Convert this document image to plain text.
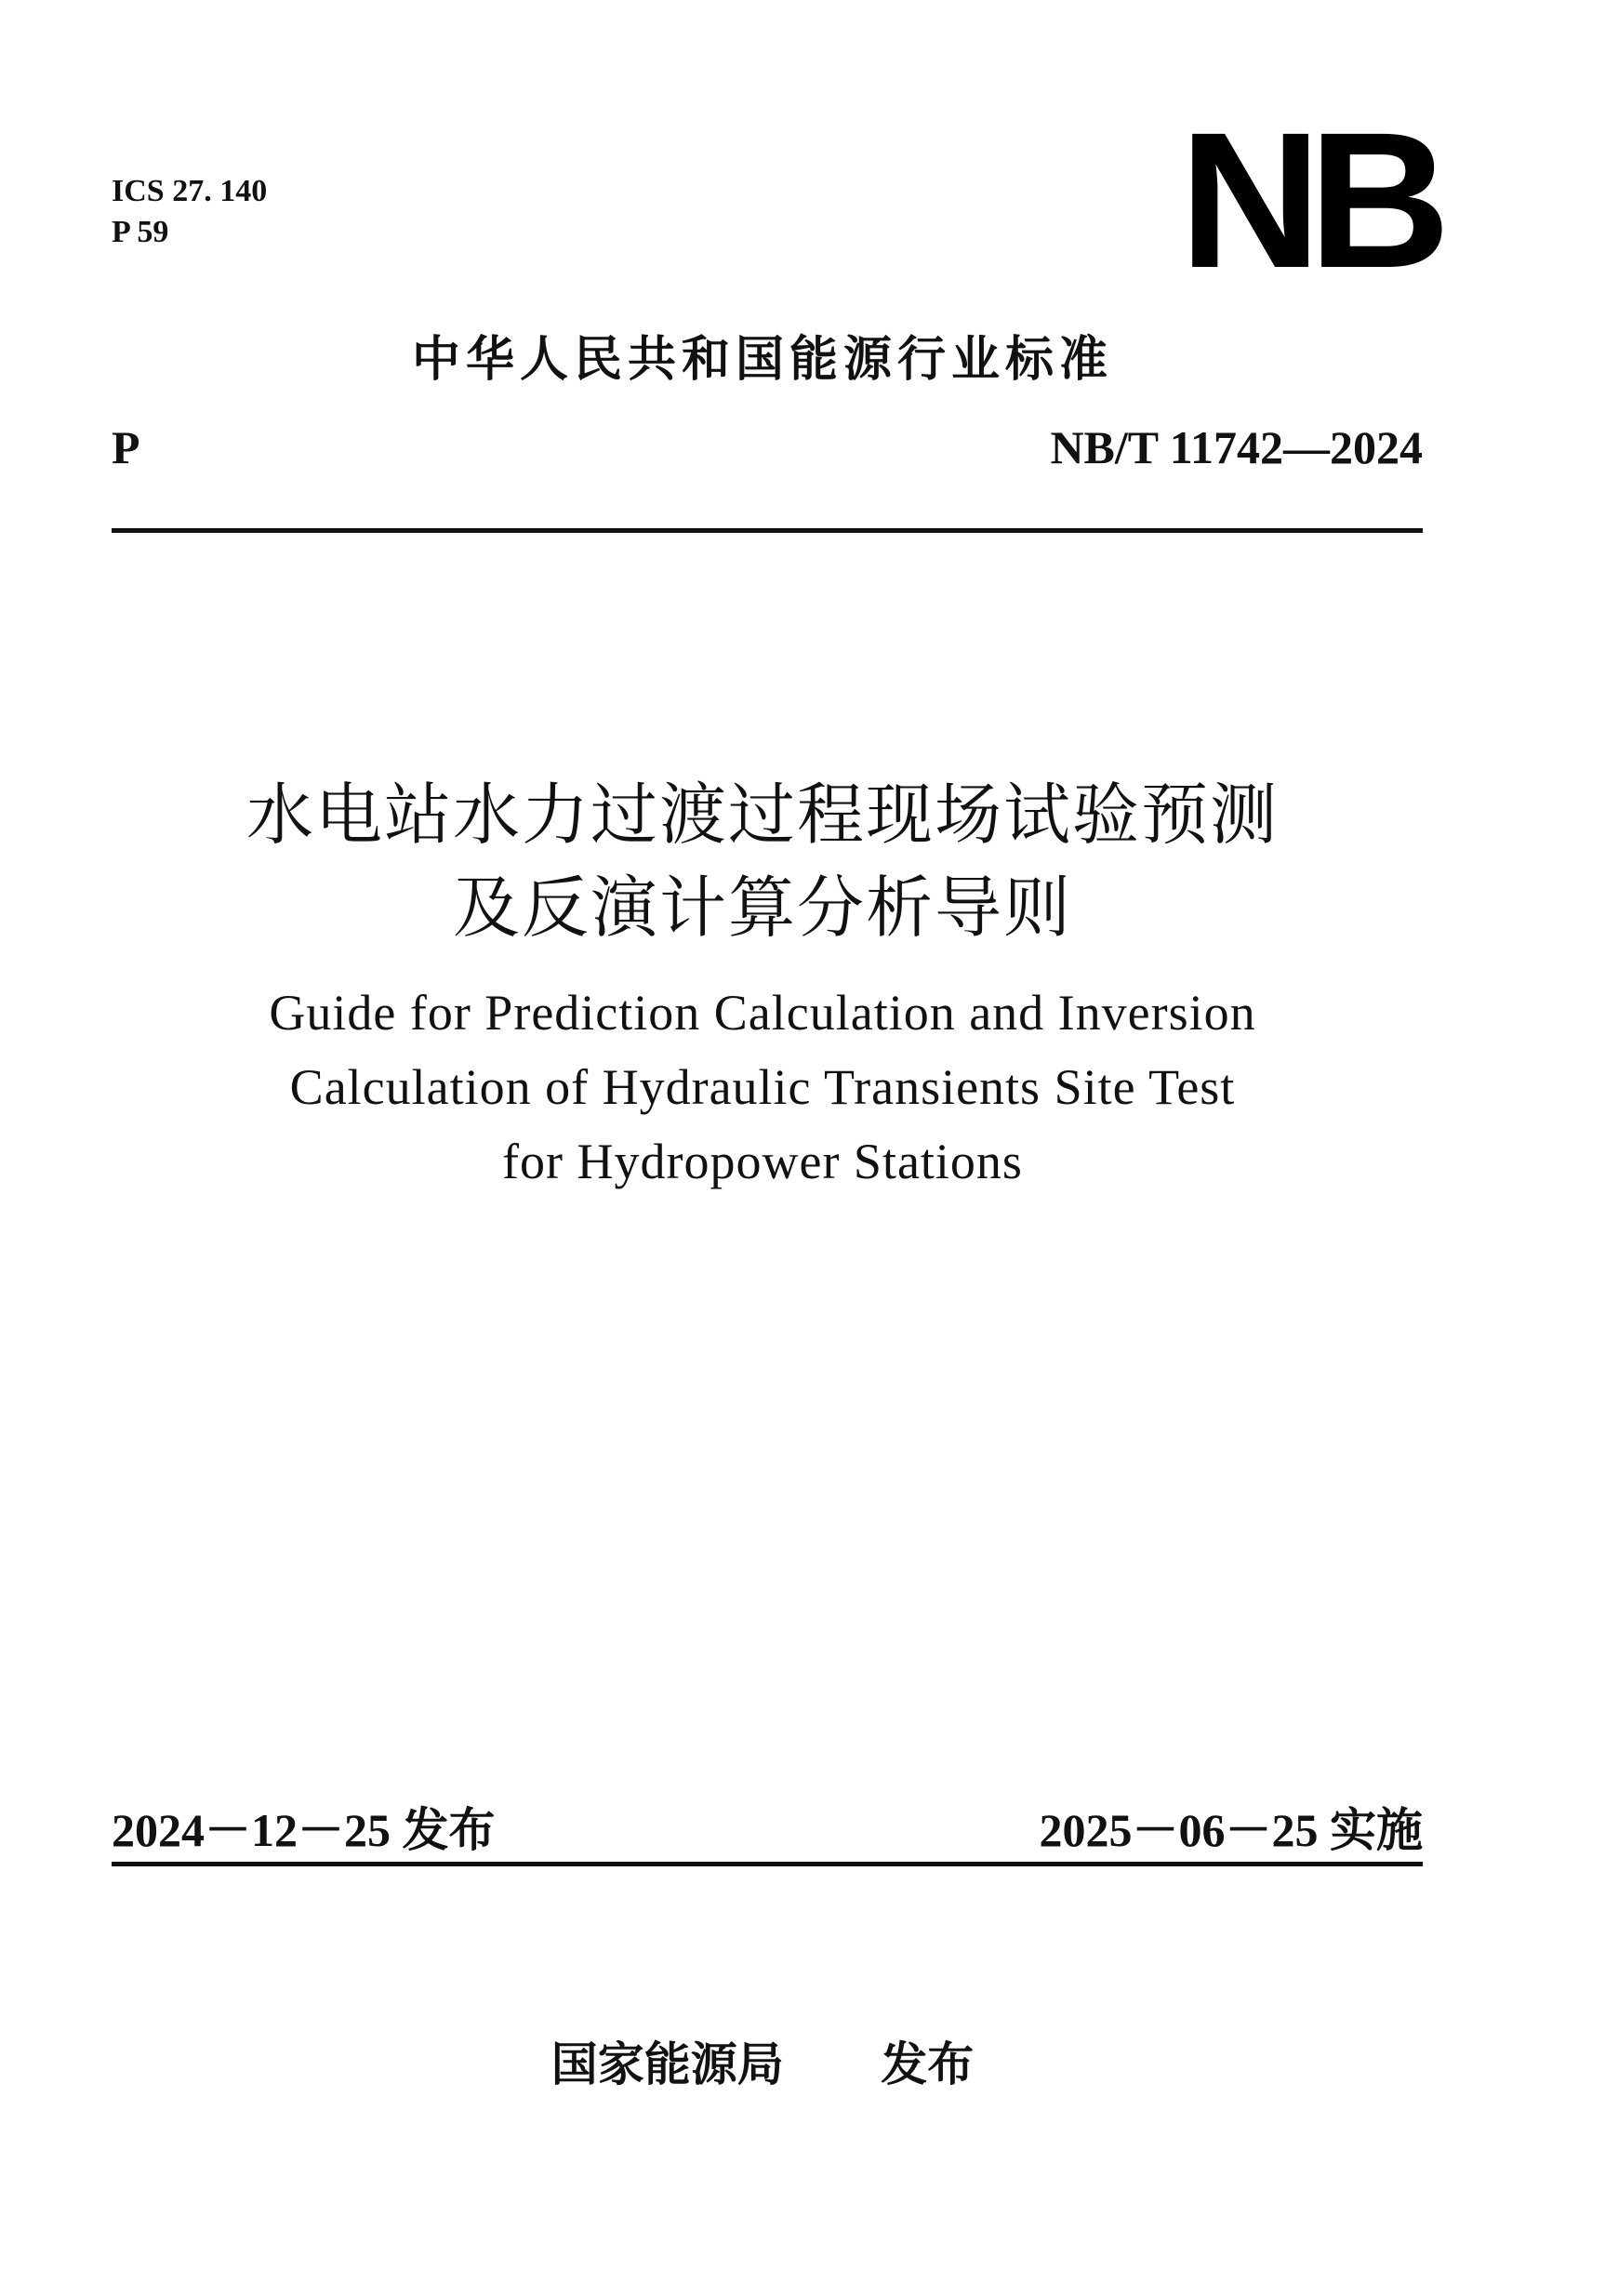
ICS 27. 140
P 59	NB
中华人民共和国能源行业标准
P	NB/T 11742—2024
水电站水力过渡过程现场试验预测
及反演计算分析导则
Guide for Prediction Calculation and Inversion
Calculation of Hydraulic Transients Site Test
for Hydropower Stations
2024－12－25 发布	2025－06－25 实施
国家能源局      发布
